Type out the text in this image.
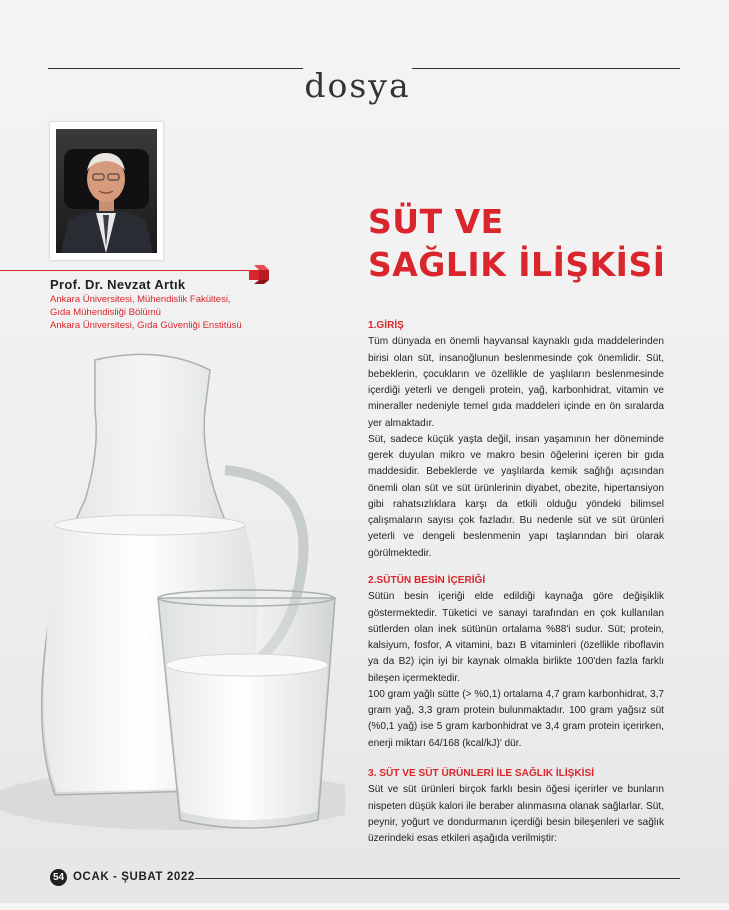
dosya

Prof. Dr. Nevzat Artık

Ankara Üniversitesi, Mühendislik Fakültesi,

Gıda Mühendisliği Bölümü

Ankara Üniversitesi, Gıda Güvenliği Enstitüsü

SÜT VE
SAĞLIK İLİŞKİSİ
1.GİRİŞ

Tüm dünyada en önemli hayvansal kaynaklı gıda maddelerinden birisi olan süt, insanoğlunun beslenmesinde çok önemlidir. Süt, bebeklerin, çocukların ve özellikle de yaşlıların beslenmesinde içerdiği yeterli ve dengeli protein, yağ, karbonhidrat, vitamin ve mineraller nedeniyle temel gıda maddeleri içinde en ön sıralarda yer almaktadır.

Süt, sadece küçük yaşta değil, insan yaşamının her döneminde gerek duyulan mikro ve makro besin öğelerini içeren bir gıda maddesidir. Bebeklerde ve yaşlılarda kemik sağlığı açısından önemli olan süt ve süt ürünlerinin diyabet, obezite, hipertansiyon gibi rahatsızlıklara karşı da etkili olduğu yöndeki bilimsel çalışmaların sayısı çok fazladır. Bu nedenle süt ve süt ürünleri yeterli ve dengeli beslenmenin yapı taşlarından biri olarak görülmektedir.

2.SÜTÜN BESİN İÇERİĞİ

Sütün besin içeriği elde edildiği kaynağa göre değişiklik göstermektedir. Tüketici ve sanayi tarafından en çok kullanılan sütlerden olan inek sütünün ortalama %88'i sudur. Süt; protein, kalsiyum, fosfor, A vitamini, bazı B vitaminleri (özellikle riboflavin ya da B2) için iyi bir kaynak olmakla birlikte 100'den fazla farklı bileşen içermektedir.

100 gram yağlı sütte (> %0,1) ortalama 4,7 gram karbonhidrat, 3,7 gram yağ, 3,3 gram protein bulunmaktadır. 100 gram yağsız süt (%0,1 yağ) ise 5 gram karbonhidrat ve 3,4 gram protein içerirken, enerji miktarı 64/168 (kcal/kJ)' dür.

3. SÜT VE SÜT ÜRÜNLERİ İLE SAĞLIK İLİŞKİSİ

Süt ve süt ürünleri birçok farklı besin öğesi içerirler ve bunların nispeten düşük kalori ile beraber alınmasına olanak sağlarlar. Süt, peynir, yoğurt ve dondurmanın içerdiği besin bileşenleri ve sağlık üzerindeki esas etkileri aşağıda verilmiştir:

54 OCAK - ŞUBAT 2022
